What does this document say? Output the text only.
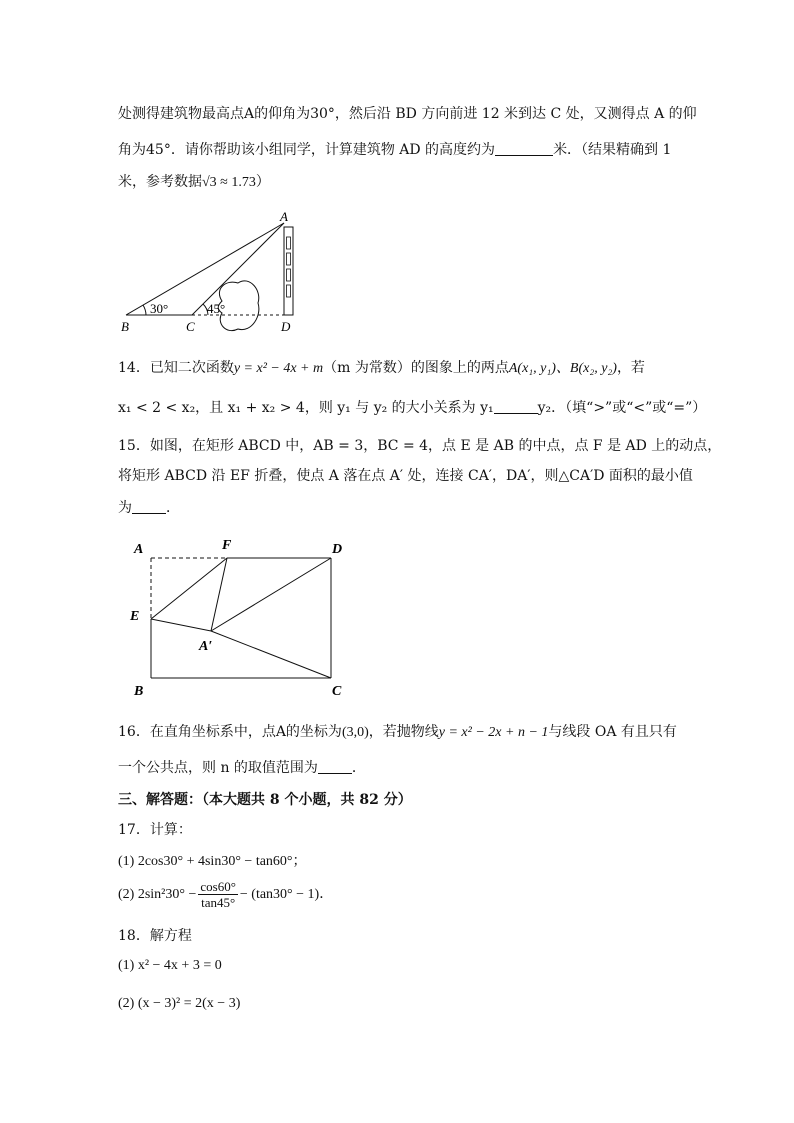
处测得建筑物最高点A的仰角为30°，然后沿 BD 方向前进 12 米到达 C 处，又测得点 A 的仰
角为45°．请你帮助该小组同学，计算建筑物 AD 的高度约为	米．（结果精确到 1
米，参考数据√3 ≈ 1.73）
30°	45°
A
B	C	D
14．已知二次函数y = x² − 4x + m（m 为常数）的图象上的两点A(x₁, y₁)、B(x₂, y₂)，若
x₁ < 2 < x₂，且 x₁ + x₂ > 4，则 y₁ 与 y₂ 的大小关系为 y₁	y₂．（填“>”或“<”或“=”）
15．如图，在矩形 ABCD 中，AB = 3，BC = 4，点 E 是 AB 的中点，点 F 是 AD 上的动点，
将矩形 ABCD 沿 EF 折叠，使点 A 落在点 A′ 处，连接 CA′，DA′，则△CA′D 面积的最小值
为 ．
A	F	D
E
A′
B	C
16．在直角坐标系中，点A的坐标为(3,0)，若抛物线y = x² − 2x + n − 1与线段 OA 有且只有
一个公共点，则 n 的取值范围为 ．
三、解答题：（本大题共 8 个小题，共 82 分）
17．计算：
(1) 2cos30° + 4sin30° − tan60°；
(2) $2\sin^230^\circ - \frac{\cos 60^\circ}{\tan 45^\circ} - (\tan 30^\circ - 1)$．
18．解方程
(1) x² − 4x + 3 = 0
(2) (x − 3)² = 2(x − 3)
